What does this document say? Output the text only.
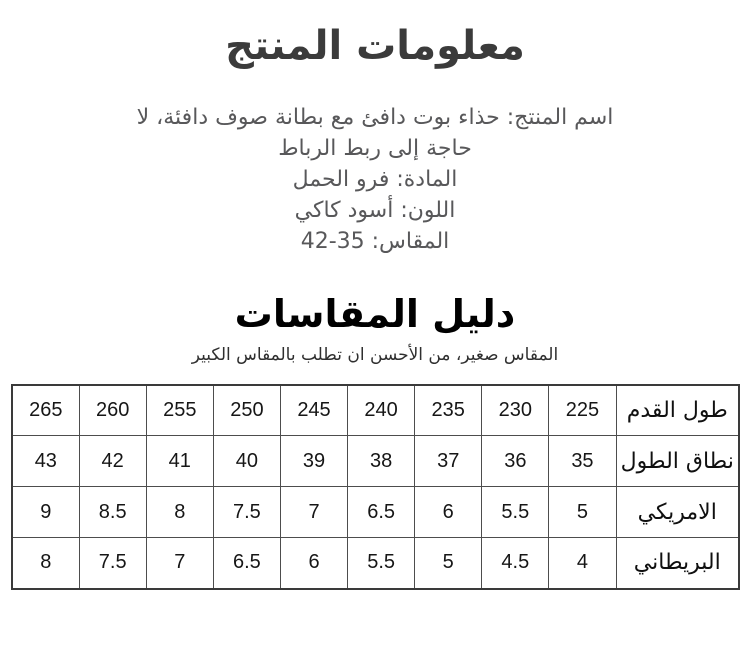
معلومات المنتج
اسم المنتج: حذاء بوت دافئ مع بطانة صوف دافئة، لا
حاجة إلى ربط الرباط
المادة: فرو الحمل
اللون: أسود كاكي
المقاس: 35-42
دليل المقاسات
المقاس صغير، من الأحسن ان تطلب بالمقاس الكبير
طول القدم	225	230	235	240	245	250	255	260	265
نطاق الطول	35	36	37	38	39	40	41	42	43
الامريكي	5	5.5	6	6.5	7	7.5	8	8.5	9
البريطاني	4	4.5	5	5.5	6	6.5	7	7.5	8
